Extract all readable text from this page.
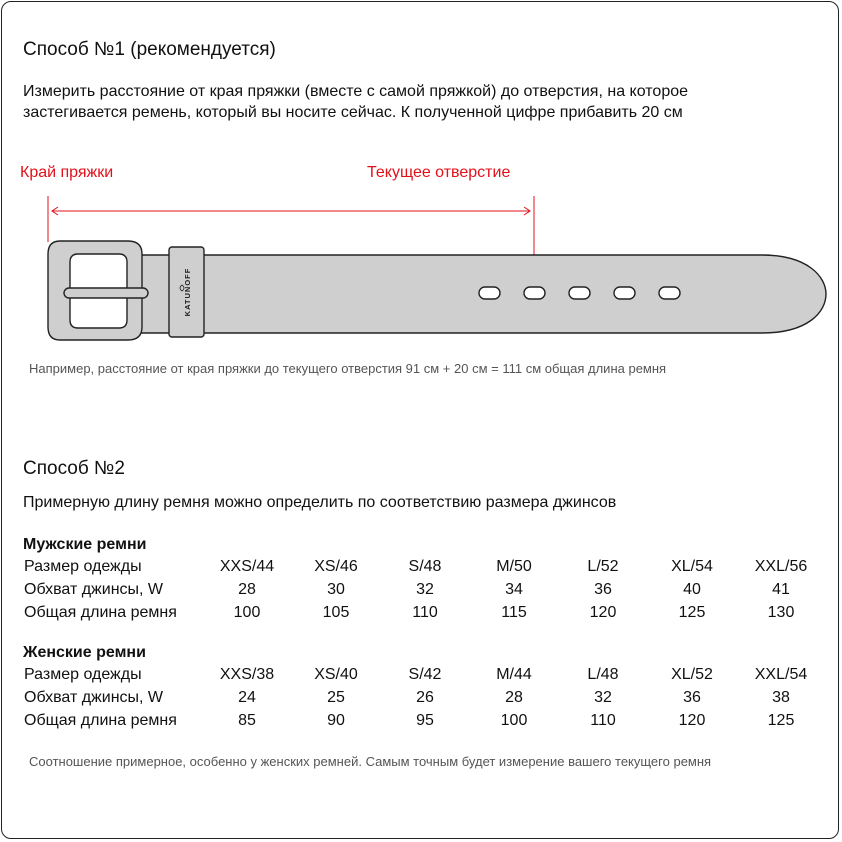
Способ №1 (рекомендуется)
Измерить расстояние от края пряжки (вместе с самой пряжкой) до отверстия, на которое
застегивается ремень, который вы носите сейчас. К полученной цифре прибавить 20 см
Край пряжки	Текущее отверстие
KATUNOFF
Например, расстояние от края пряжки до текущего отверстия 91 см + 20 см = 111 см общая длина ремня
Способ №2
Примерную длину ремня можно определить по соответствию размера джинсов
Мужские ремни
Размер одежды	XXS/44	XS/46	S/48	M/50	L/52	XL/54	XXL/56
Обхват джинсы, W	28	30	32	34	36	40	41
Общая длина ремня	100	105	110	115	120	125	130
Женские ремни
Размер одежды	XXS/38	XS/40	S/42	M/44	L/48	XL/52	XXL/54
Обхват джинсы, W	24	25	26	28	32	36	38
Общая длина ремня	85	90	95	100	110	120	125
Соотношение примерное, особенно у женских ремней. Самым точным будет измерение вашего текущего ремня
